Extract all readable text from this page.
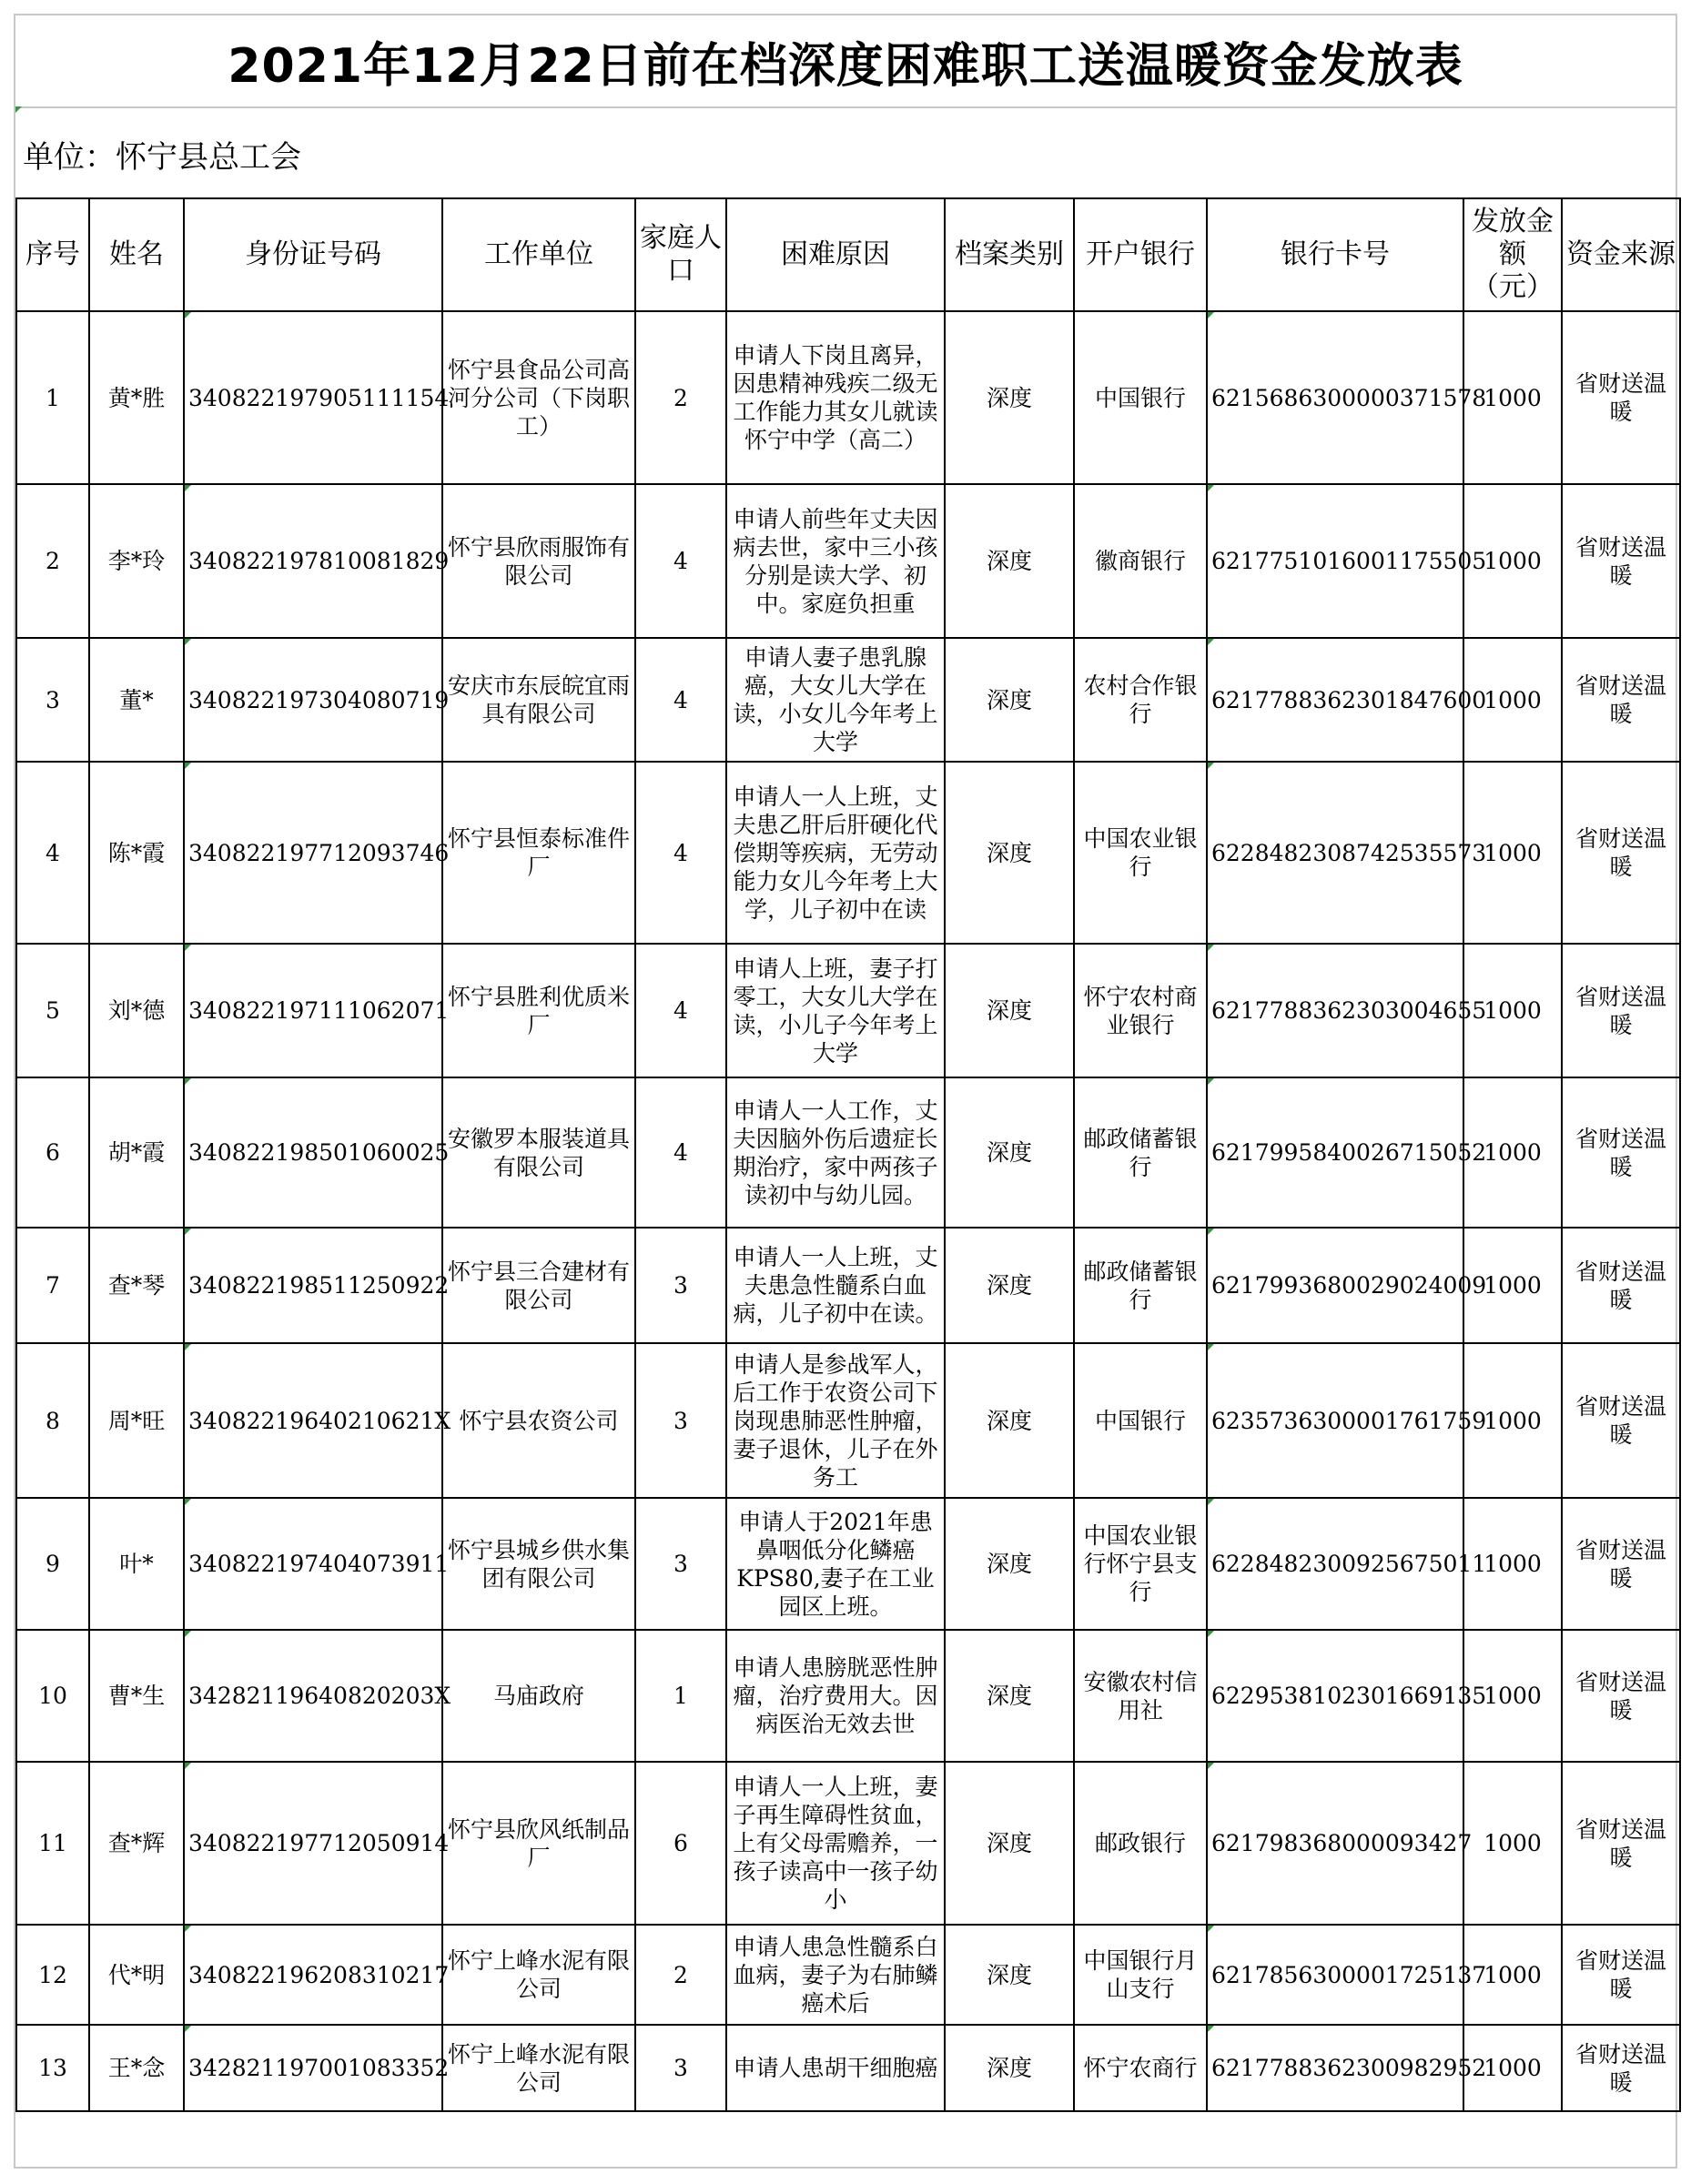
2021年12月22日前在档深度困难职工送温暖资金发放表
单位：怀宁县总工会
序号	姓名	身份证号码	工作单位	家庭人口	困难原因	档案类别	开户银行	银行卡号	发放金额（元）	资金来源
1	黄*胜	340822197905111154	怀宁县食品公司高河分公司（下岗职工）	2	申请人下岗且离异，因患精神残疾二级无工作能力其女儿就读怀宁中学（高二）	深度	中国银行	6215686300000371578	1000	省财送温暖
2	李*玲	340822197810081829	怀宁县欣雨服饰有限公司	4	申请人前些年丈夫因病去世，家中三小孩分别是读大学、初中。家庭负担重	深度	徽商银行	6217751016001175505	1000	省财送温暖
3	董*	340822197304080719	安庆市东辰皖宜雨具有限公司	4	申请人妻子患乳腺癌，大女儿大学在读，小女儿今年考上大学	深度	农村合作银行	6217788362301847600	1000	省财送温暖
4	陈*霞	340822197712093746	怀宁县恒泰标准件厂	4	申请人一人上班，丈夫患乙肝后肝硬化代偿期等疾病，无劳动能力女儿今年考上大学，儿子初中在读	深度	中国农业银行	6228482308742535573	1000	省财送温暖
5	刘*德	340822197111062071	怀宁县胜利优质米厂	4	申请人上班，妻子打零工，大女儿大学在读，小儿子今年考上大学	深度	怀宁农村商业银行	6217788362303004655	1000	省财送温暖
6	胡*霞	340822198501060025	安徽罗本服装道具有限公司	4	申请人一人工作，丈夫因脑外伤后遗症长期治疗，家中两孩子读初中与幼儿园。	深度	邮政储蓄银行	6217995840026715052	1000	省财送温暖
7	查*琴	340822198511250922	怀宁县三合建材有限公司	3	申请人一人上班，丈夫患急性髓系白血病，儿子初中在读。	深度	邮政储蓄银行	6217993680029024009	1000	省财送温暖
8	周*旺	34082219640210621X	怀宁县农资公司	3	申请人是参战军人，后工作于农资公司下岗现患肺恶性肿瘤，妻子退休，儿子在外务工	深度	中国银行	6235736300001761759	1000	省财送温暖
9	叶*	340822197404073911	怀宁县城乡供水集团有限公司	3	申请人于2021年患鼻咽低分化鳞癌KPS80,妻子在工业园区上班。	深度	中国农业银行怀宁县支行	6228482300925675011	1000	省财送温暖
10	曹*生	34282119640820203X	马庙政府	1	申请人患膀胱恶性肿瘤，治疗费用大。因病医治无效去世	深度	安徽农村信用社	6229538102301669135	1000	省财送温暖
11	查*辉	340822197712050914	怀宁县欣风纸制品厂	6	申请人一人上班，妻子再生障碍性贫血，上有父母需赡养，一孩子读高中一孩子幼小	深度	邮政银行	621798368000093427	1000	省财送温暖
12	代*明	340822196208310217	怀宁上峰水泥有限公司	2	申请人患急性髓系白血病，妻子为右肺鳞癌术后	深度	中国银行月山支行	6217856300001725137	1000	省财送温暖
13	王*念	342821197001083352	怀宁上峰水泥有限公司	3	申请人患胡干细胞癌	深度	怀宁农商行	6217788362300982952	1000	省财送温暖
